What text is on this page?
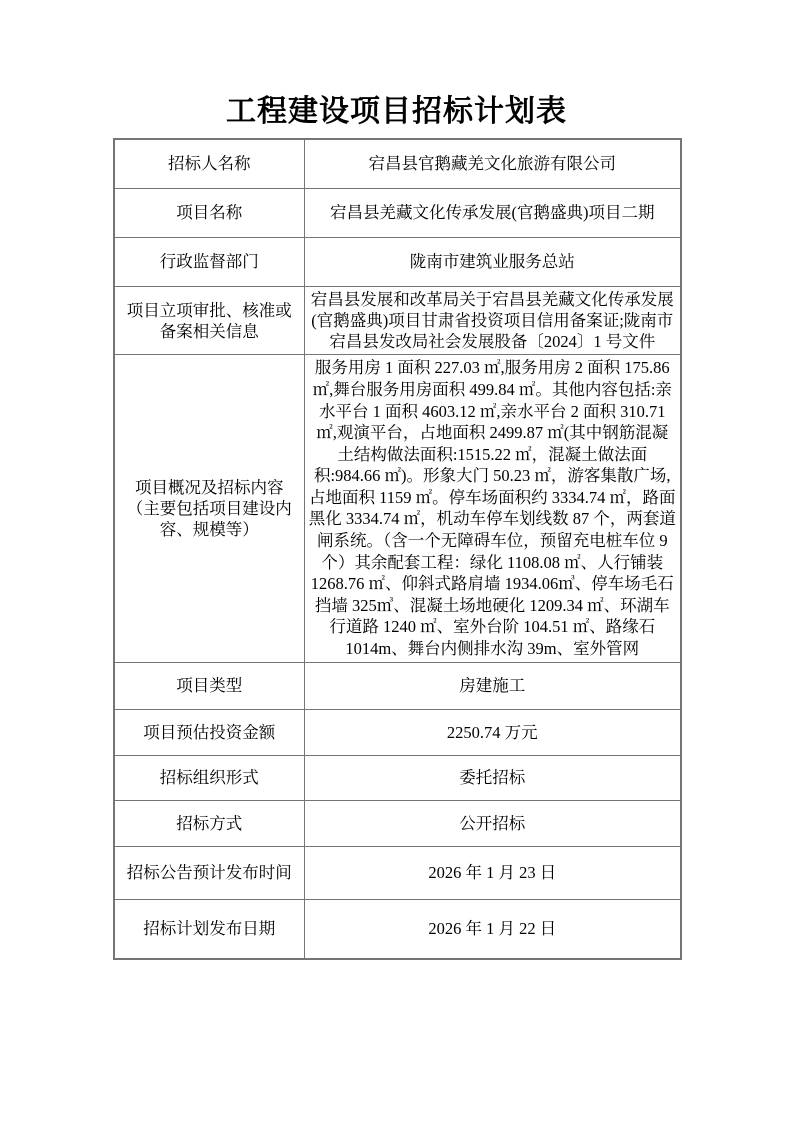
工程建设项目招标计划表
招标人名称	宕昌县官鹅藏羌文化旅游有限公司
项目名称	宕昌县羌藏文化传承发展(官鹅盛典)项目二期
行政监督部门	陇南市建筑业服务总站
项目立项审批、核准或备案相关信息	宕昌县发展和改革局关于宕昌县羌藏文化传承发展(官鹅盛典)项目甘肃省投资项目信用备案证;陇南市宕昌县发改局社会发展股备〔2024〕1 号文件
项目概况及招标内容（主要包括项目建设内容、规模等）	服务用房 1 面积 227.03 ㎡,服务用房 2 面积 175.86 ㎡,舞台服务用房面积 499.84 ㎡。其他内容包括:亲水平台 1 面积 4603.12 ㎡,亲水平台 2 面积 310.71 ㎡,观演平台，占地面积 2499.87 ㎡(其中钢筋混凝土结构做法面积:1515.22 ㎡，混凝土做法面积:984.66 ㎡)。形象大门 50.23 ㎡，游客集散广场,占地面积 1159 ㎡。停车场面积约 3334.74 ㎡，路面黑化 3334.74 ㎡，机动车停车划线数 87 个，两套道闸系统。（含一个无障碍车位，预留充电桩车位 9 个）其余配套工程：绿化 1108.08 ㎡、人行铺装 1268.76 ㎡、仰斜式路肩墙 1934.06㎥、停车场毛石挡墙 325㎥、混凝土场地硬化 1209.34 ㎡、环湖车行道路 1240 ㎡、室外台阶 104.51 ㎡、路缘石 1014m、舞台内侧排水沟 39m、室外管网
项目类型	房建施工
项目预估投资金额	2250.74 万元
招标组织形式	委托招标
招标方式	公开招标
招标公告预计发布时间	2026 年 1 月 23 日
招标计划发布日期	2026 年 1 月 22 日
